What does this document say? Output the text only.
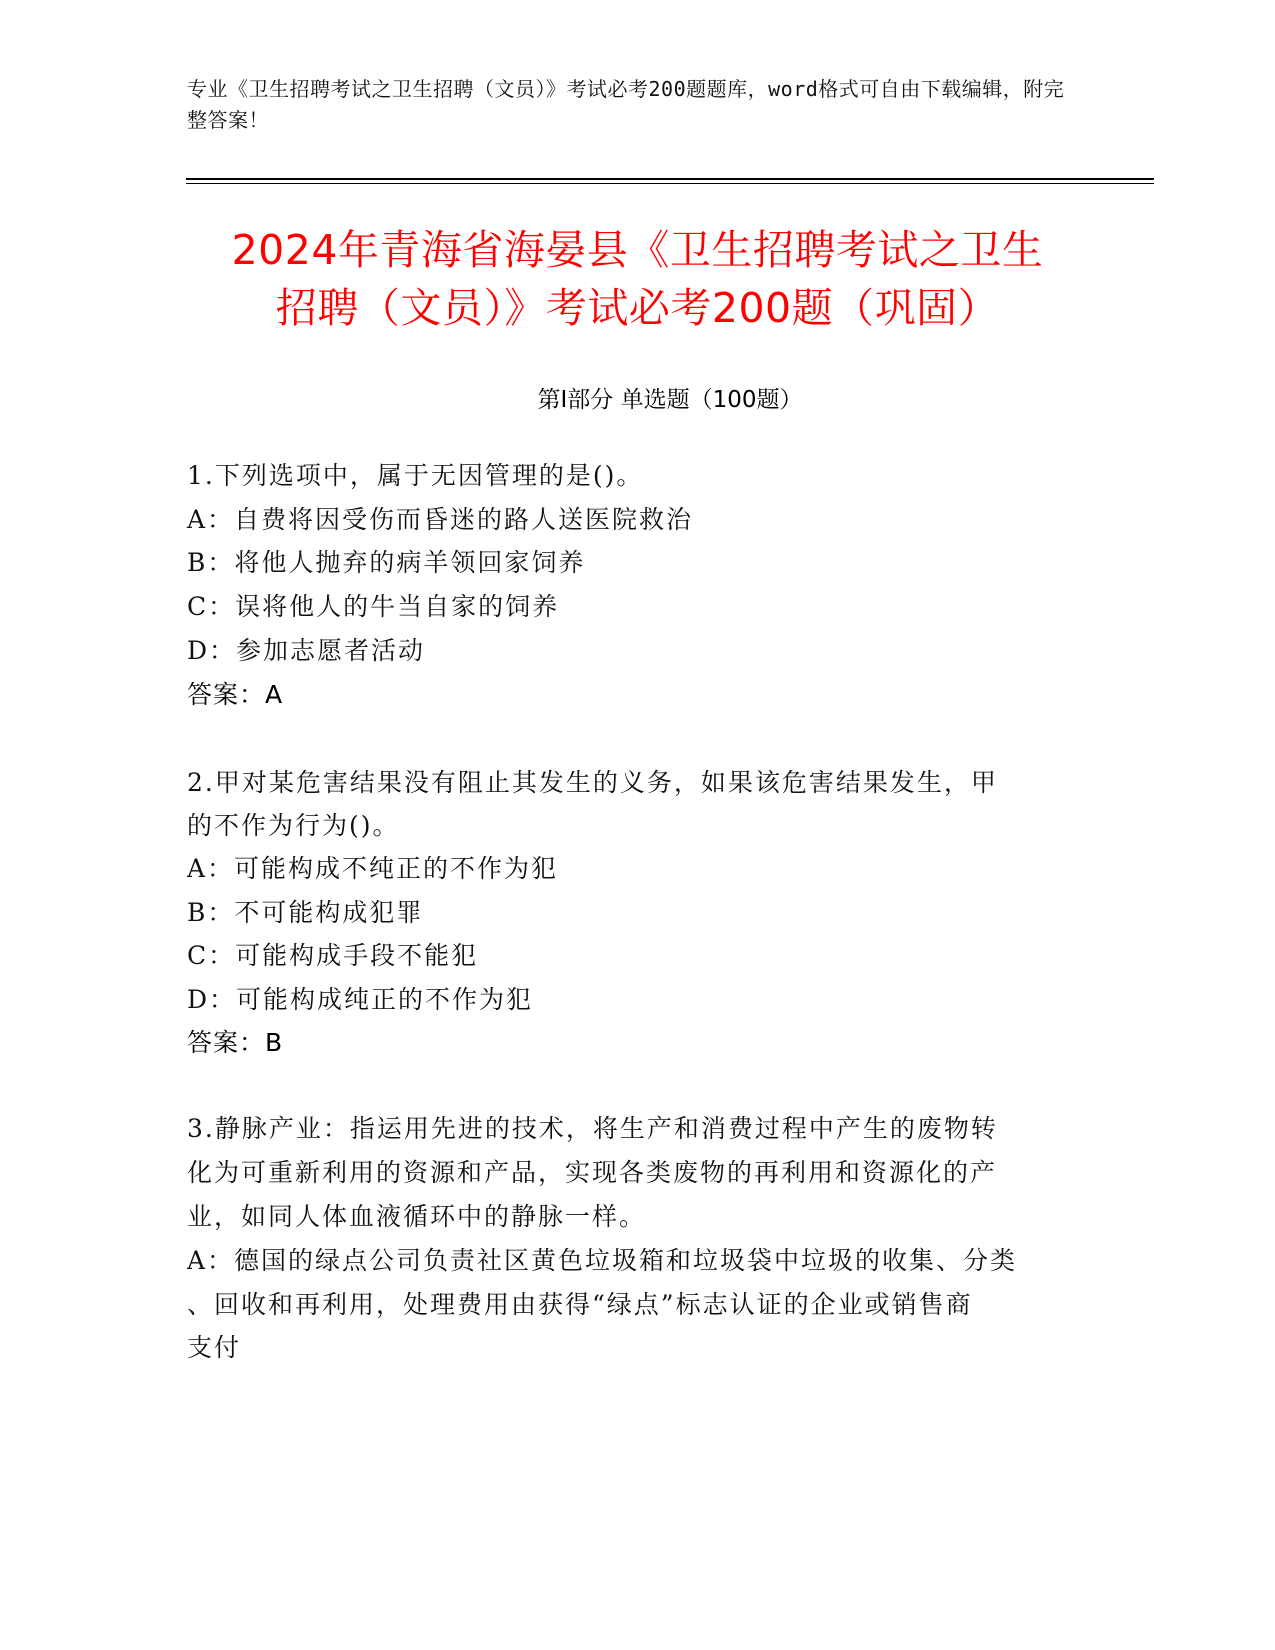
专业《卫生招聘考试之卫生招聘（文员）》考试必考200题题库，word格式可自由下载编辑，附完整答案！
2024年青海省海晏县《卫生招聘考试之卫生
招聘（文员）》考试必考200题（巩固）
第Ⅰ部分 单选题（100题）
1.下列选项中，属于无因管理的是()。
A：自费将因受伤而昏迷的路人送医院救治
B：将他人抛弃的病羊领回家饲养
C：误将他人的牛当自家的饲养
D：参加志愿者活动
答案：A
2.甲对某危害结果没有阻止其发生的义务，如果该危害结果发生，甲
的不作为行为()。
A：可能构成不纯正的不作为犯
B：不可能构成犯罪
C：可能构成手段不能犯
D：可能构成纯正的不作为犯
答案：B
3.静脉产业：指运用先进的技术，将生产和消费过程中产生的废物转
化为可重新利用的资源和产品，实现各类废物的再利用和资源化的产
业，如同人体血液循环中的静脉一样。
A：德国的绿点公司负责社区黄色垃圾箱和垃圾袋中垃圾的收集、分类
、回收和再利用，处理费用由获得“绿点”标志认证的企业或销售商
支付
